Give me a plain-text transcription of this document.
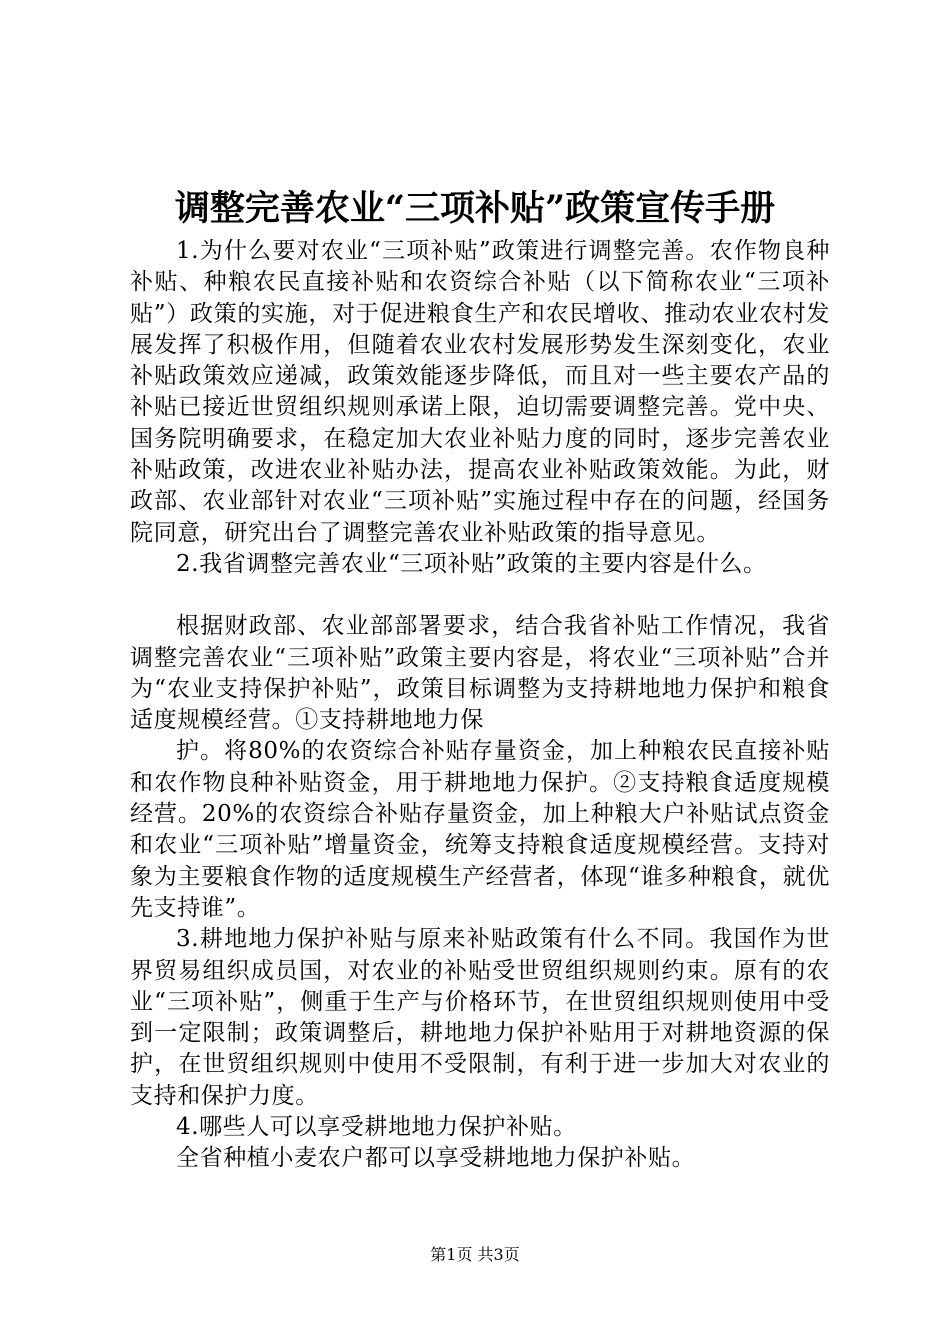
调整完善农业“三项补贴”政策宣传手册

1.为什么要对农业“三项补贴”政策进行调整完善。农作物良种补贴、种粮农民直接补贴和农资综合补贴（以下简称农业“三项补贴”）政策的实施，对于促进粮食生产和农民增收、推动农业农村发展发挥了积极作用，但随着农业农村发展形势发生深刻变化，农业补贴政策效应递减，政策效能逐步降低，而且对一些主要农产品的补贴已接近世贸组织规则承诺上限，迫切需要调整完善。党中央、国务院明确要求，在稳定加大农业补贴力度的同时，逐步完善农业补贴政策，改进农业补贴办法，提高农业补贴政策效能。为此，财政部、农业部针对农业“三项补贴”实施过程中存在的问题，经国务院同意，研究出台了调整完善农业补贴政策的指导意见。

2.我省调整完善农业“三项补贴”政策的主要内容是什么。

根据财政部、农业部部署要求，结合我省补贴工作情况，我省调整完善农业“三项补贴”政策主要内容是，将农业“三项补贴”合并为“农业支持保护补贴”，政策目标调整为支持耕地地力保护和粮食适度规模经营。①支持耕地地力保

护。将80%的农资综合补贴存量资金，加上种粮农民直接补贴和农作物良种补贴资金，用于耕地地力保护。②支持粮食适度规模经营。20%的农资综合补贴存量资金，加上种粮大户补贴试点资金和农业“三项补贴”增量资金，统筹支持粮食适度规模经营。支持对象为主要粮食作物的适度规模生产经营者，体现“谁多种粮食，就优先支持谁”。

3.耕地地力保护补贴与原来补贴政策有什么不同。我国作为世界贸易组织成员国，对农业的补贴受世贸组织规则约束。原有的农业“三项补贴”，侧重于生产与价格环节，在世贸组织规则使用中受到一定限制；政策调整后，耕地地力保护补贴用于对耕地资源的保护，在世贸组织规则中使用不受限制，有利于进一步加大对农业的支持和保护力度。

4.哪些人可以享受耕地地力保护补贴。

全省种植小麦农户都可以享受耕地地力保护补贴。

第1页 共3页
